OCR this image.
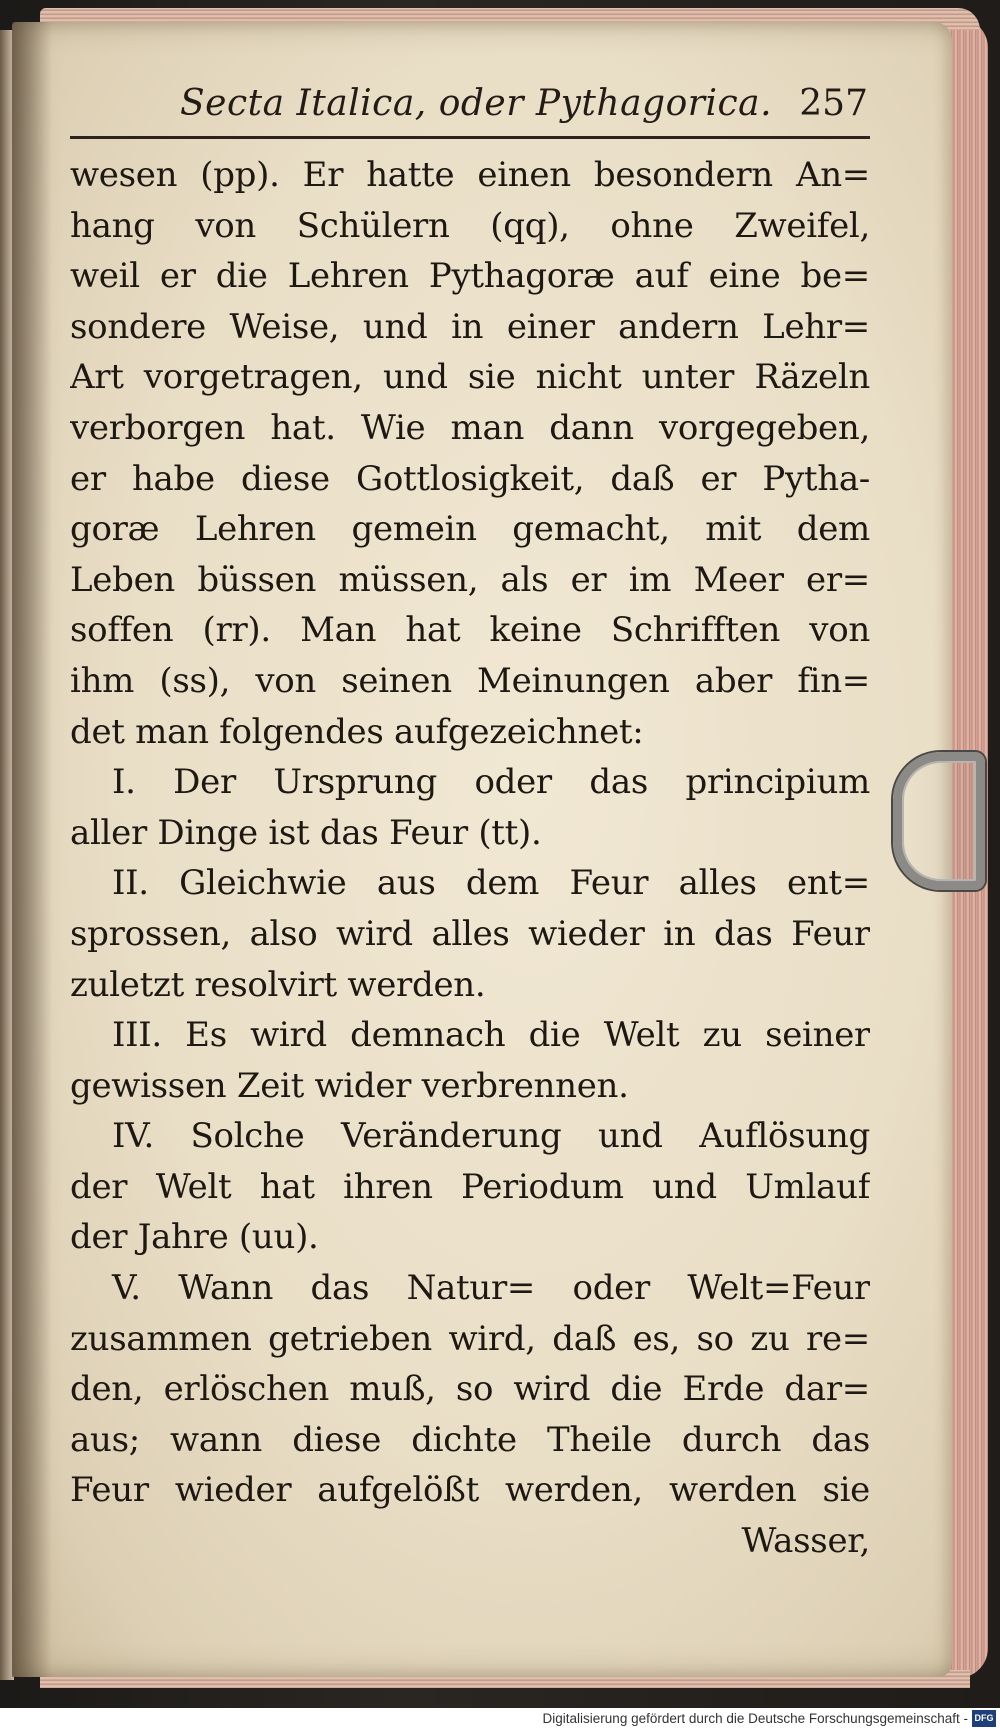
Secta Italica, oder Pythagorica. 257
wesen (pp). Er hatte einen besondern An=
hang von Schülern (qq), ohne Zweifel,
weil er die Lehren Pythagoræ auf eine be=
sondere Weise, und in einer andern Lehr=
Art vorgetragen, und sie nicht unter Räzeln
verborgen hat. Wie man dann vorgegeben,
er habe diese Gottlosigkeit, daß er Pytha-
goræ Lehren gemein gemacht, mit dem
Leben büssen müssen, als er im Meer er=
soffen (rr). Man hat keine Schrifften von
ihm (ss), von seinen Meinungen aber fin=
det man folgendes aufgezeichnet:
I. Der Ursprung oder das principium
aller Dinge ist das Feur (tt).
II. Gleichwie aus dem Feur alles ent=
sprossen, also wird alles wieder in das Feur
zuletzt resolvirt werden.
III. Es wird demnach die Welt zu seiner
gewissen Zeit wider verbrennen.
IV. Solche Veränderung und Auflösung
der Welt hat ihren Periodum und Umlauf
der Jahre (uu).
V. Wann das Natur= oder Welt=Feur
zusammen getrieben wird, daß es, so zu re=
den, erlöschen muß, so wird die Erde dar=
aus; wann diese dichte Theile durch das
Feur wieder aufgelößt werden, werden sie
Wasser,
Digitalisierung gefördert durch die Deutsche Forschungsgemeinschaft - DFG
